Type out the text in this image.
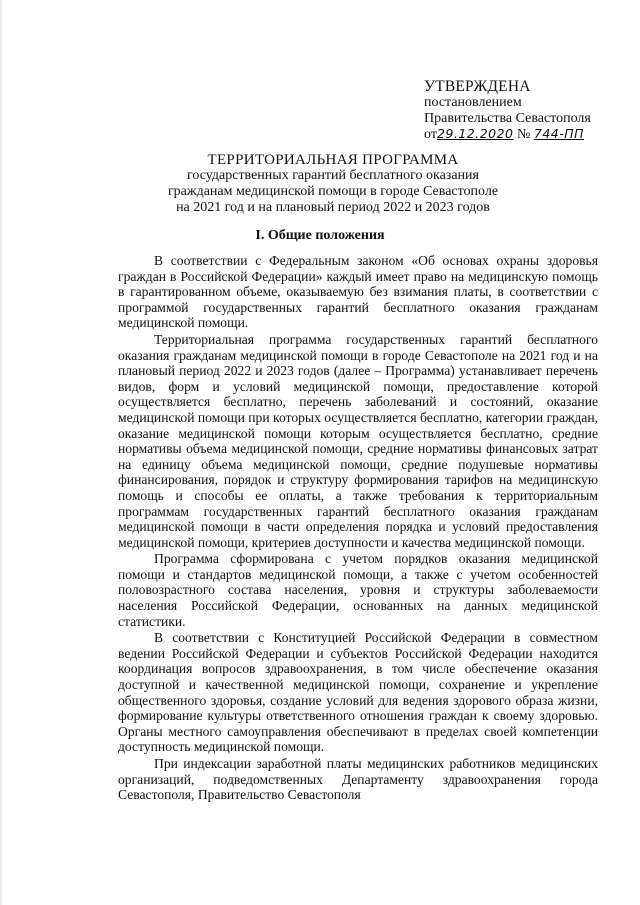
УТВЕРЖДЕНА
постановлением
Правительства Севастополя
от29.12.2020 № 744-ПП
ТЕРРИТОРИАЛЬНАЯ ПРОГРАММА
государственных гарантий бесплатного оказания
гражданам медицинской помощи в городе Севастополе
на 2021 год и на плановый период 2022 и 2023 годов
I. Общие положения

В соответствии с Федеральным законом «Об основах охраны здоровья граждан в Российской Федерации» каждый имеет право на медицинскую помощь в гарантированном объеме, оказываемую без взимания платы, в соответствии с программой государственных гарантий бесплатного оказания гражданам медицинской помощи.

Территориальная программа государственных гарантий бесплатного оказания гражданам медицинской помощи в городе Севастополе на 2021 год и на плановый период 2022 и 2023 годов (далее – Программа) устанавливает перечень видов, форм и условий медицинской помощи, предоставление которой осуществляется бесплатно, перечень заболеваний и состояний, оказание медицинской помощи при которых осуществляется бесплатно, категории граждан, оказание медицинской помощи которым осуществляется бесплатно, средние нормативы объема медицинской помощи, средние нормативы финансовых затрат на единицу объема медицинской помощи, средние подушевые нормативы финансирования, порядок и структуру формирования тарифов на медицинскую помощь и способы ее оплаты, а также требования к территориальным программам государственных гарантий бесплатного оказания гражданам медицинской помощи в части определения порядка и условий предоставления медицинской помощи, критериев доступности и качества медицинской помощи.

Программа сформирована с учетом порядков оказания медицинской помощи и стандартов медицинской помощи, а также с учетом особенностей половозрастного состава населения, уровня и структуры заболеваемости населения Российской Федерации, основанных на данных медицинской статистики.

В соответствии с Конституцией Российской Федерации в совместном ведении Российской Федерации и субъектов Российской Федерации находится координация вопросов здравоохранения, в том числе обеспечение оказания доступной и качественной медицинской помощи, сохранение и укрепление общественного здоровья, создание условий для ведения здорового образа жизни, формирование культуры ответственного отношения граждан к своему здоровью. Органы местного самоуправления обеспечивают в пределах своей компетенции доступность медицинской помощи.

При индексации заработной платы медицинских работников медицинских организаций, подведомственных Департаменту здравоохранения города Севастополя, Правительство Севастополя
